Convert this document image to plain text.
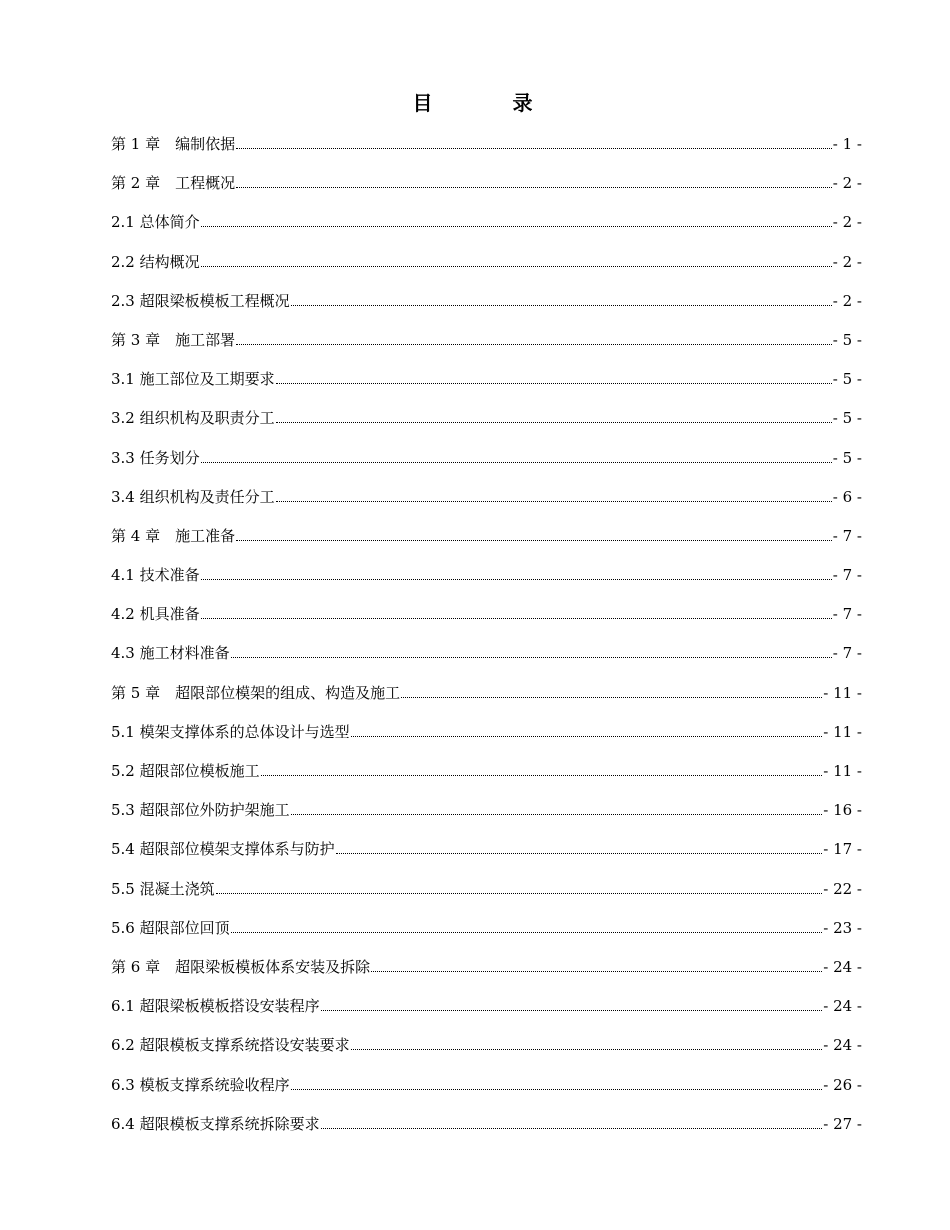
目　录
第 1 章　编制依据	- 1 -
第 2 章　工程概况	- 2 -
2.1 总体简介	- 2 -
2.2 结构概况	- 2 -
2.3 超限梁板模板工程概况	- 2 -
第 3 章　施工部署	- 5 -
3.1 施工部位及工期要求	- 5 -
3.2 组织机构及职责分工	- 5 -
3.3 任务划分	- 5 -
3.4 组织机构及责任分工	- 6 -
第 4 章　施工准备	- 7 -
4.1 技术准备	- 7 -
4.2 机具准备	- 7 -
4.3 施工材料准备	- 7 -
第 5 章　超限部位模架的组成、构造及施工	- 11 -
5.1 模架支撑体系的总体设计与选型	- 11 -
5.2 超限部位模板施工	- 11 -
5.3 超限部位外防护架施工	- 16 -
5.4 超限部位模架支撑体系与防护	- 17 -
5.5 混凝土浇筑	- 22 -
5.6 超限部位回顶	- 23 -
第 6 章　超限梁板模板体系安装及拆除	- 24 -
6.1 超限梁板模板搭设安装程序	- 24 -
6.2 超限模板支撑系统搭设安装要求	- 24 -
6.3 模板支撑系统验收程序	- 26 -
6.4 超限模板支撑系统拆除要求	- 27 -
